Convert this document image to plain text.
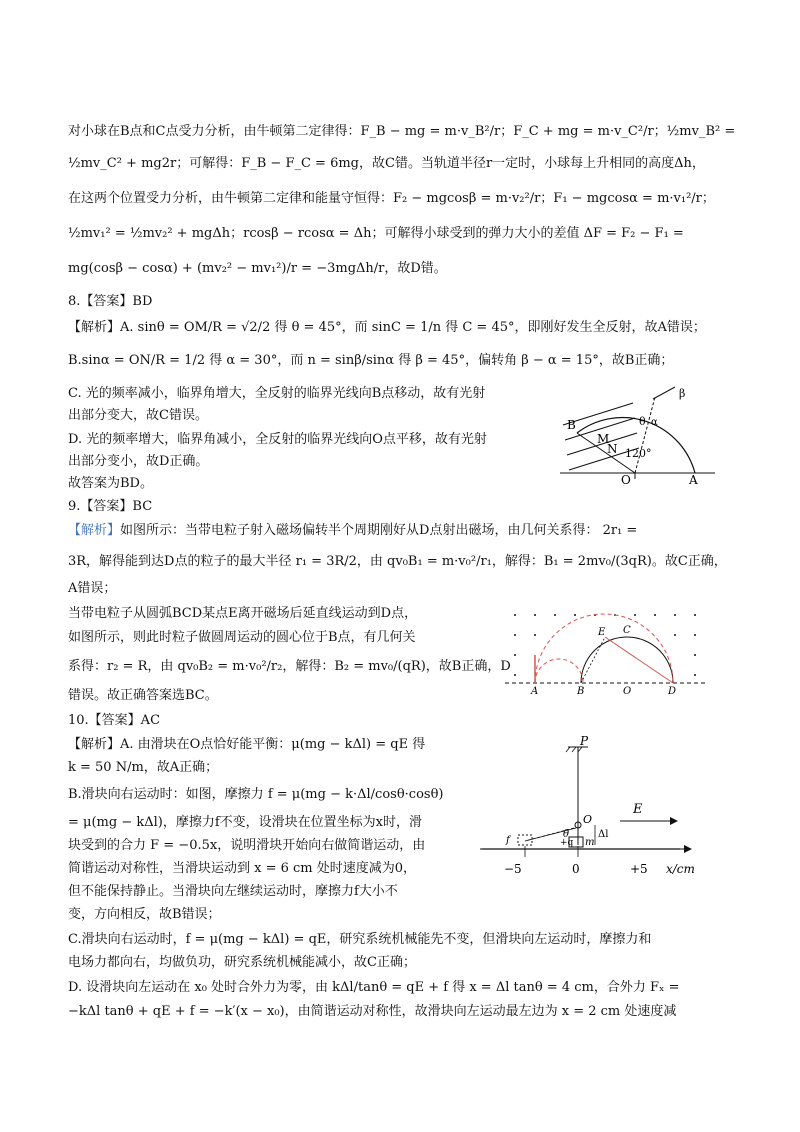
对小球在B点和C点受力分析，由牛顿第二定律得：F_B − mg = m·v_B²/r；F_C + mg = m·v_C²/r；½mv_B² =
½mv_C² + mg2r；可解得：F_B − F_C = 6mg，故C错。当轨道半径r一定时，小球每上升相同的高度Δh，
在这两个位置受力分析，由牛顿第二定律和能量守恒得：F₂ − mgcosβ = m·v₂²/r；F₁ − mgcosα = m·v₁²/r；
½mv₁² = ½mv₂² + mgΔh；rcosβ − rcosα = Δh；可解得小球受到的弹力大小的差值 ΔF = F₂ − F₁ =
mg(cosβ − cosα) + (mv₂² − mv₁²)/r = −3mgΔh/r，故D错。
8.【答案】BD
【解析】A. sinθ = OM/R = √2/2 得 θ = 45°，而 sinC = 1/n 得 C = 45°，即刚好发生全反射，故A错误；
B.sinα = ON/R = 1/2 得 α = 30°，而 n = sinβ/sinα 得 β = 45°，偏转角 β − α = 15°，故B正确；
C. 光的频率减小，临界角增大，全反射的临界光线向B点移动，故有光射
出部分变大，故C错误。
D. 光的频率增大，临界角减小，全反射的临界光线向O点平移，故有光射
出部分变小，故D正确。
故答案为BD。
B
M
N
θ α
β
120°
O	A
9.【答案】BC
【解析】如图所示：当带电粒子射入磁场偏转半个周期刚好从D点射出磁场，由几何关系得： 2r₁ =
3R，解得能到达D点的粒子的最大半径 r₁ = 3R/2，由 qv₀B₁ = m·v₀²/r₁，解得：B₁ = 2mv₀/(3qR)。故C正确，
A错误；
当带电粒子从圆弧BCD某点E离开磁场后延直线运动到D点，
如图所示，则此时粒子做圆周运动的圆心位于B点，有几何关
系得：r₂ = R，由 qv₀B₂ = m·v₀²/r₂，解得：B₂ = mv₀/(qR)，故B正确，D
错误。故正确答案选BC。	A	B	O	D
E C
10.【答案】AC
【解析】A. 由滑块在O点恰好能平衡：μ(mg − kΔl) = qE 得
k = 50 N/m，故A正确；
B.滑块向右运动时：如图，摩擦力 f = μ(mg − k·Δl/cosθ·cosθ)
= μ(mg − kΔl)，摩擦力f不变，设滑块在位置坐标为x时，滑
块受到的合力 F = −0.5x，说明滑块开始向右做简谐运动，由
简谐运动对称性，当滑块运动到 x = 6 cm 处时速度减为0，
但不能保持静止。当滑块向左继续运动时，摩擦力f大小不
变，方向相反，故B错误；
C.滑块向右运动时，f = μ(mg − kΔl) = qE，研究系统机械能先不变，但滑块向左运动时，摩擦力和
电场力都向右，均做负功，研究系统机械能减小，故C正确；
D. 设滑块向左运动在 x₀ 处时合外力为零，由 kΔl/tanθ = qE + f 得 x = Δl tanθ = 4 cm，合外力 Fₓ =
−kΔl tanθ + qE + f = −k′(x − x₀)，由简谐运动对称性，故滑块向左运动最左边为 x = 2 cm 处速度减
P
O
E
θ	Δl
+q m
f
−5	0	+5 x/cm
